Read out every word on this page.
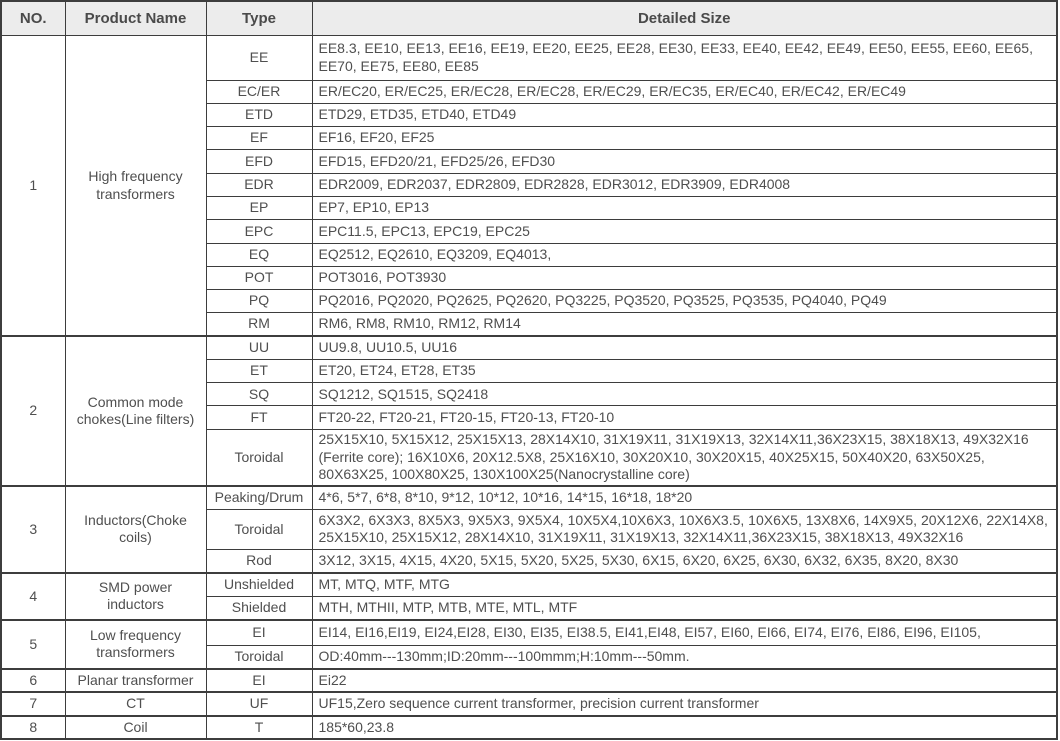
NO.	Product Name	Type	Detailed Size
1	High frequency transformers	EE	EE8.3, EE10, EE13, EE16, EE19, EE20, EE25, EE28, EE30, EE33, EE40, EE42, EE49, EE50, EE55, EE60, EE65, EE70, EE75, EE80, EE85
		EC/ER	ER/EC20, ER/EC25, ER/EC28, ER/EC28, ER/EC29, ER/EC35, ER/EC40, ER/EC42, ER/EC49
		ETD	ETD29, ETD35, ETD40, ETD49
		EF	EF16, EF20, EF25
		EFD	EFD15, EFD20/21, EFD25/26, EFD30
		EDR	EDR2009, EDR2037, EDR2809, EDR2828, EDR3012, EDR3909, EDR4008
		EP	EP7, EP10, EP13
		EPC	EPC11.5, EPC13, EPC19, EPC25
		EQ	EQ2512, EQ2610, EQ3209, EQ4013,
		POT	POT3016, POT3930
		PQ	PQ2016, PQ2020, PQ2625, PQ2620, PQ3225, PQ3520, PQ3525, PQ3535, PQ4040, PQ49
		RM	RM6, RM8, RM10, RM12, RM14
2	Common mode chokes(Line filters)	UU	UU9.8, UU10.5, UU16
		ET	ET20, ET24, ET28, ET35
		SQ	SQ1212, SQ1515, SQ2418
		FT	FT20-22, FT20-21, FT20-15, FT20-13, FT20-10
		Toroidal	25X15X10, 5X15X12, 25X15X13, 28X14X10, 31X19X11, 31X19X13, 32X14X11,36X23X15, 38X18X13, 49X32X16 (Ferrite core); 16X10X6, 20X12.5X8, 25X16X10, 30X20X10, 30X20X15, 40X25X15, 50X40X20, 63X50X25, 80X63X25, 100X80X25, 130X100X25(Nanocrystalline core)
3	Inductors(Choke coils)	Peaking/Drum	4*6, 5*7, 6*8, 8*10, 9*12, 10*12, 10*16, 14*15, 16*18, 18*20
		Toroidal	6X3X2, 6X3X3, 8X5X3, 9X5X3, 9X5X4, 10X5X4,10X6X3, 10X6X3.5, 10X6X5, 13X8X6, 14X9X5, 20X12X6, 22X14X8, 25X15X10, 25X15X12, 28X14X10, 31X19X11, 31X19X13, 32X14X11,36X23X15, 38X18X13, 49X32X16
		Rod	3X12, 3X15, 4X15, 4X20, 5X15, 5X20, 5X25, 5X30, 6X15, 6X20, 6X25, 6X30, 6X32, 6X35, 8X20, 8X30
4	SMD power inductors	Unshielded	MT, MTQ, MTF, MTG
		Shielded	MTH, MTHII, MTP, MTB, MTE, MTL, MTF
5	Low frequency transformers	EI	EI14, EI16,EI19, EI24,EI28, EI30, EI35, EI38.5, EI41,EI48, EI57, EI60, EI66, EI74, EI76, EI86, EI96, EI105,
		Toroidal	OD:40mm---130mm;ID:20mm---100mmm;H:10mm---50mm.
6	Planar transformer	EI	Ei22
7	CT	UF	UF15,Zero sequence current transformer, precision current transformer
8	Coil	T	185*60,23.8
